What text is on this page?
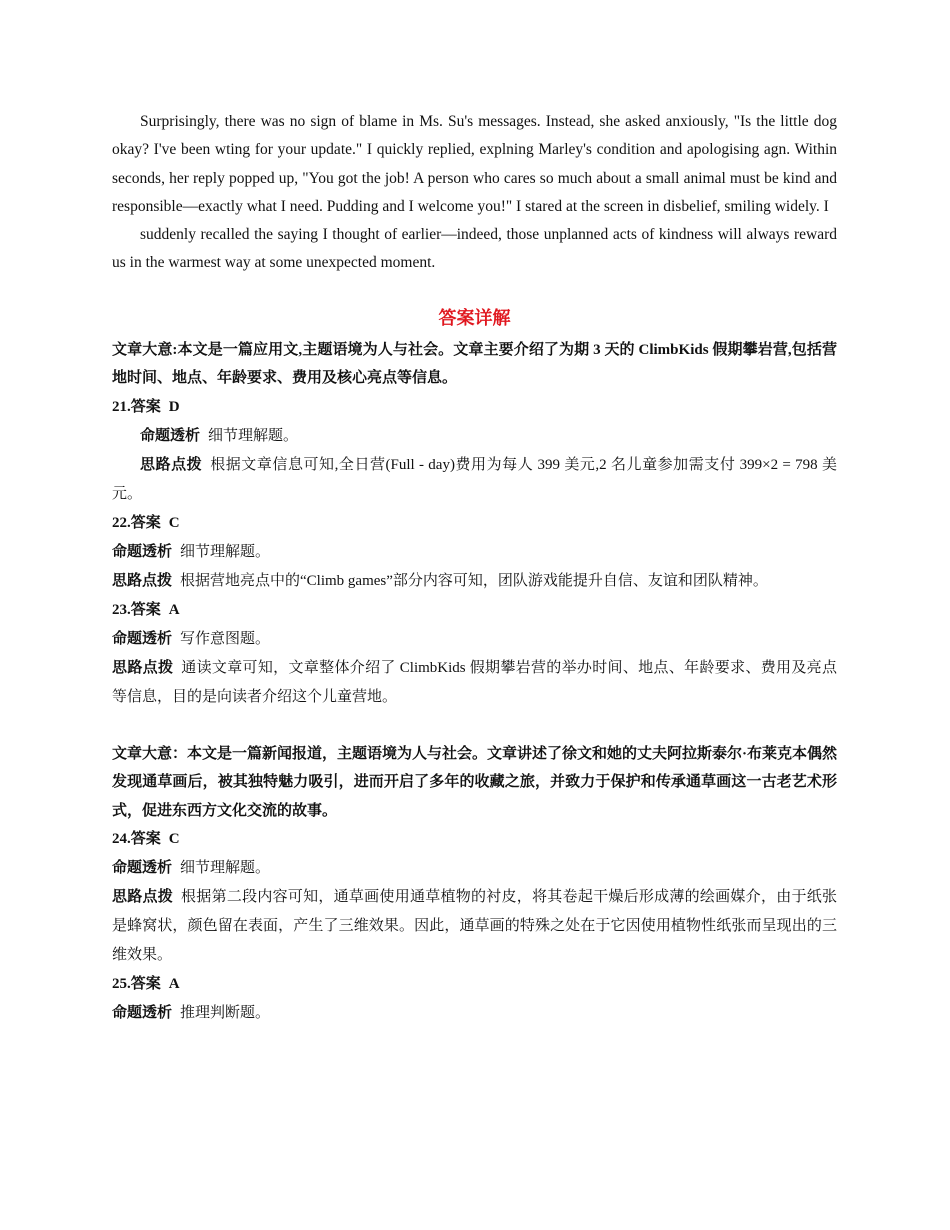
Surprisingly, there was no sign of blame in Ms. Su's messages. Instead, she asked anxiously, "Is the little dog okay? I've been wting for your update." I quickly replied, explning Marley's condition and apologising agn. Within seconds, her reply popped up, "You got the job! A person who cares so much about a small animal must be kind and responsible—exactly what I need. Pudding and I welcome you!" I stared at the screen in disbelief, smiling widely. I

suddenly recalled the saying I thought of earlier—indeed, those unplanned acts of kindness will always reward us in the warmest way at some unexpected moment.

答案详解

文章大意:本文是一篇应用文,主题语境为人与社会。文章主要介绍了为期 3 天的 ClimbKids 假期攀岩营,包括营地时间、地点、年龄要求、费用及核心亮点等信息。

21.答案 D

命题透析 细节理解题。

思路点拨 根据文章信息可知,全日营(Full - day)费用为每人 399 美元,2 名儿童参加需支付 399×2 = 798 美元。

22.答案 C

命题透析 细节理解题。

思路点拨 根据营地亮点中的“Climb games”部分内容可知，团队游戏能提升自信、友谊和团队精神。

23.答案 A

命题透析 写作意图题。

思路点拨 通读文章可知，文章整体介绍了 ClimbKids 假期攀岩营的举办时间、地点、年龄要求、费用及亮点等信息，目的是向读者介绍这个儿童营地。

文章大意：本文是一篇新闻报道，主题语境为人与社会。文章讲述了徐文和她的丈夫阿拉斯泰尔·布莱克本偶然发现通草画后，被其独特魅力吸引，进而开启了多年的收藏之旅，并致力于保护和传承通草画这一古老艺术形式，促进东西方文化交流的故事。

24.答案 C

命题透析 细节理解题。

思路点拨 根据第二段内容可知，通草画使用通草植物的衬皮，将其卷起干燥后形成薄的绘画媒介，由于纸张是蜂窝状，颜色留在表面，产生了三维效果。因此，通草画的特殊之处在于它因使用植物性纸张而呈现出的三维效果。

25.答案 A

命题透析 推理判断题。
